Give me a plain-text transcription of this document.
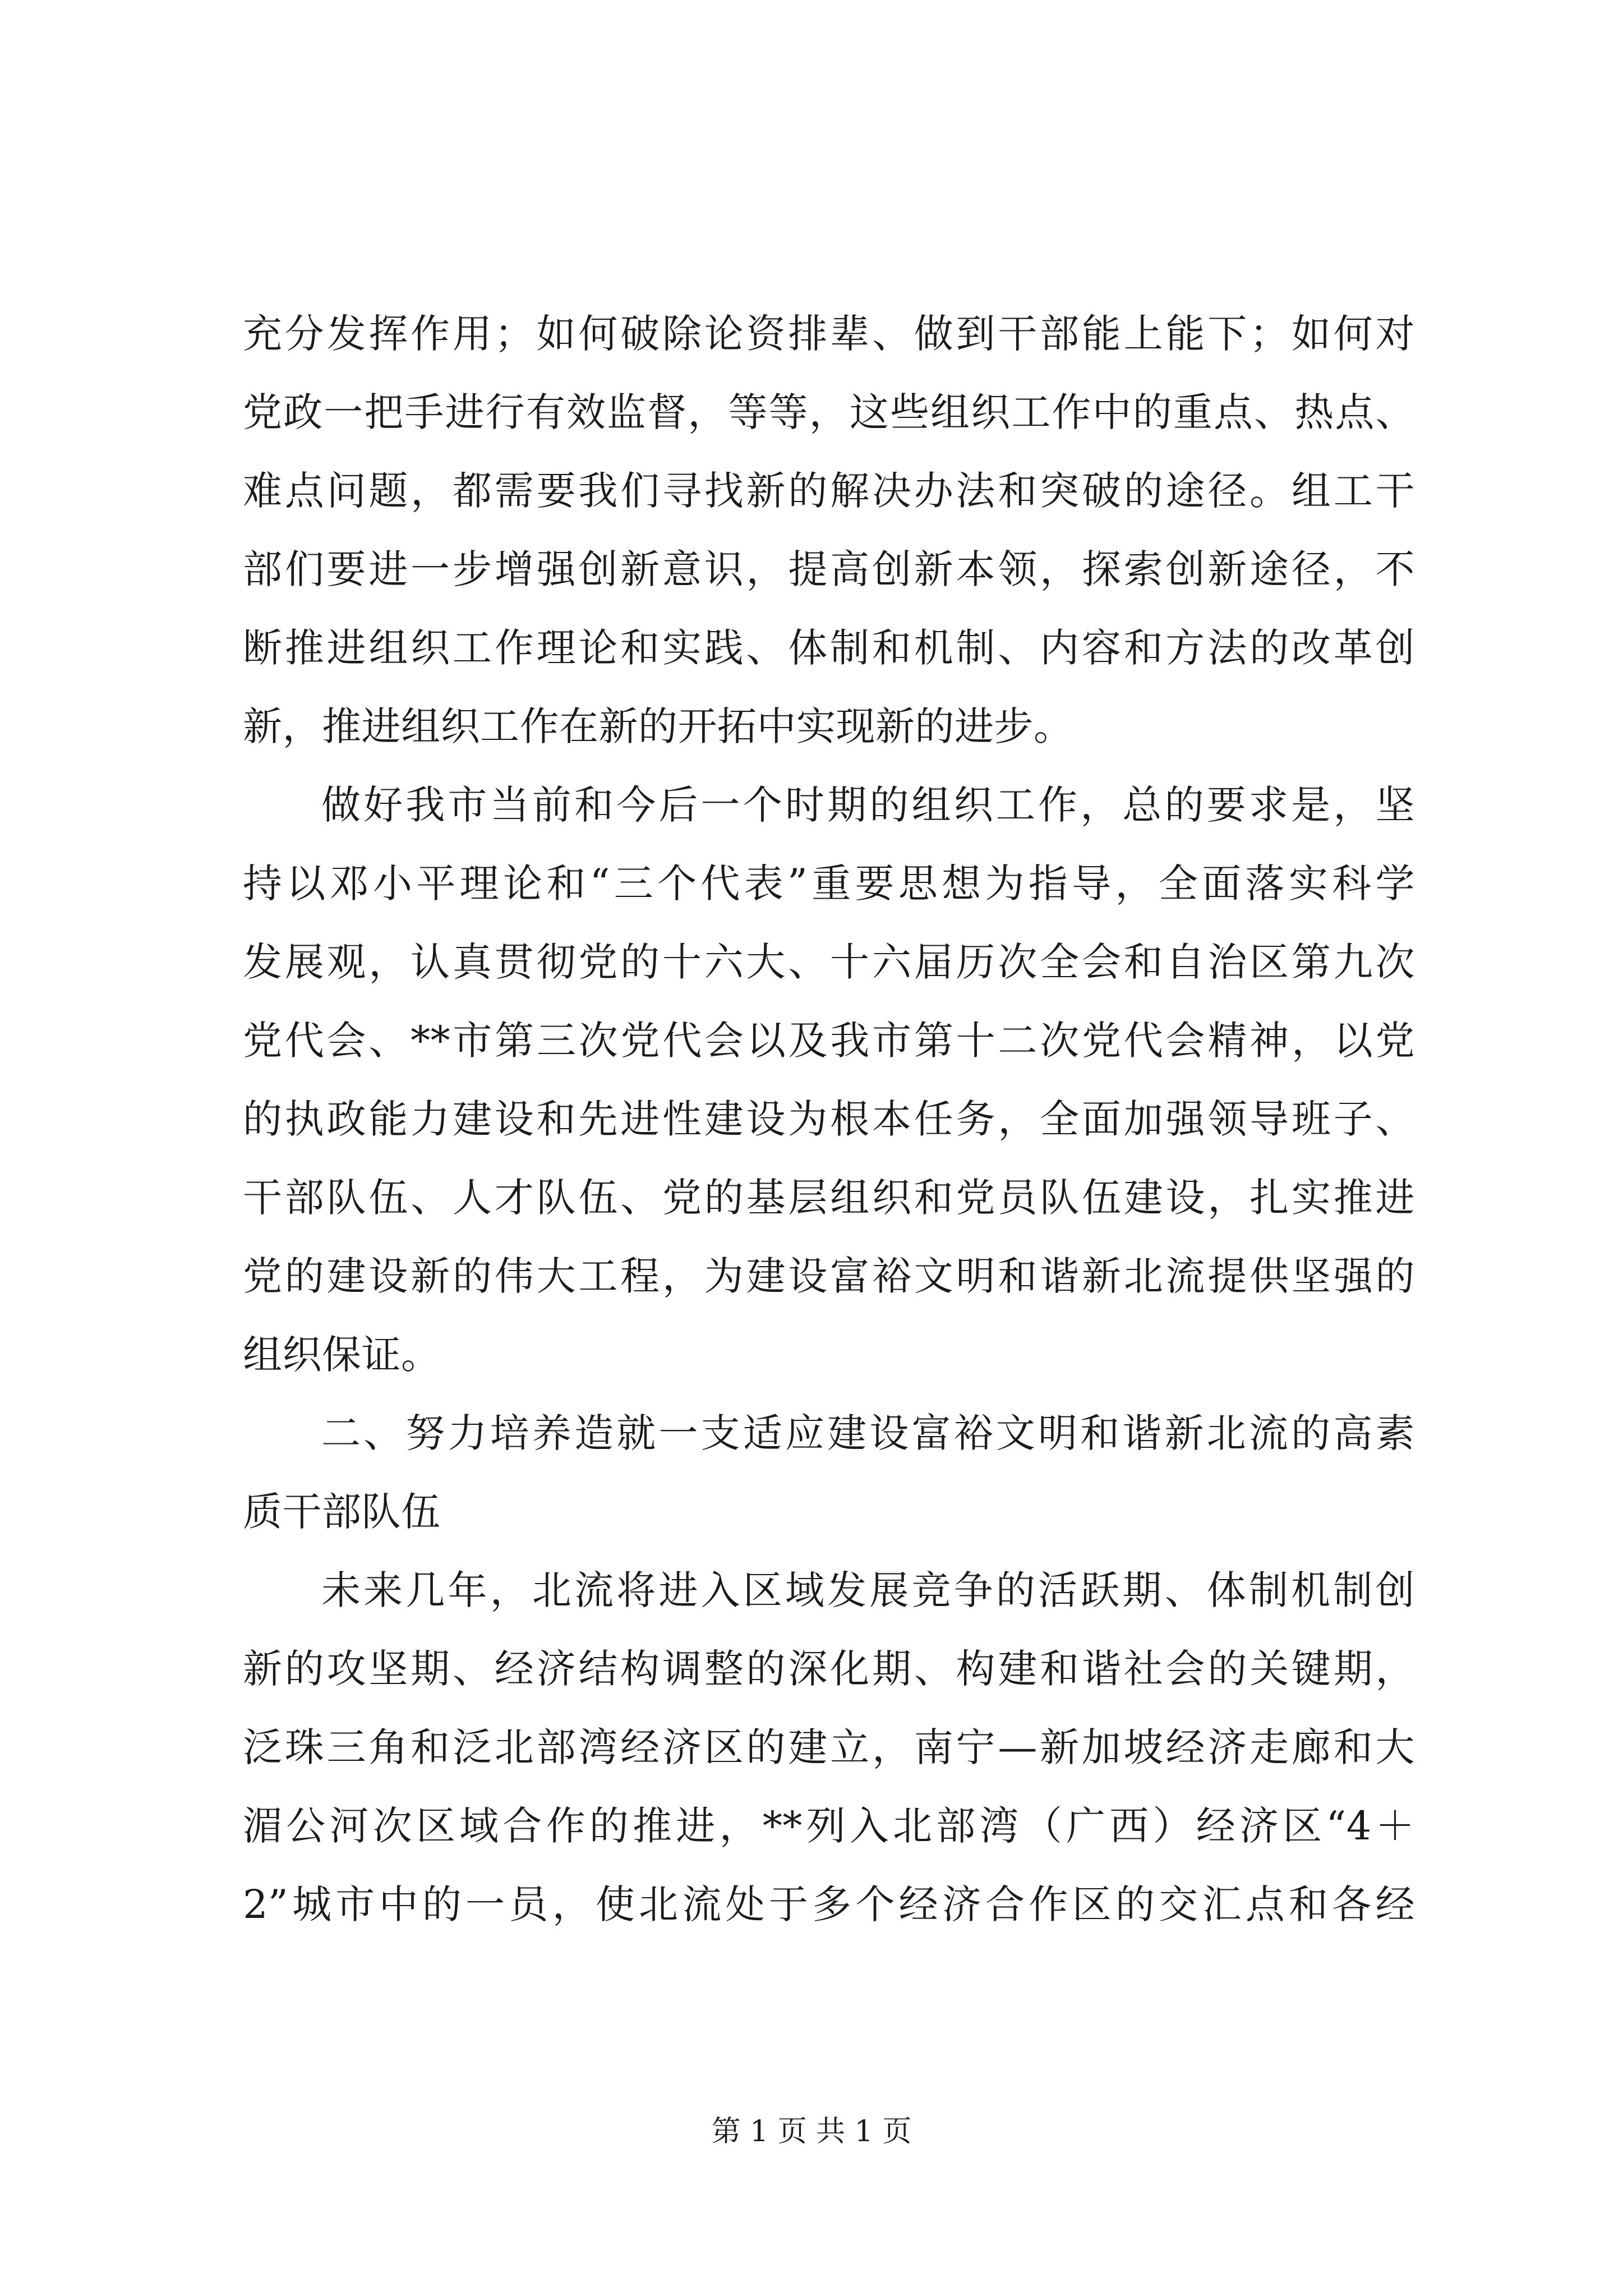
充分发挥作用；如何破除论资排辈、做到干部能上能下；如何对
党政一把手进行有效监督，等等，这些组织工作中的重点、热点、
难点问题，都需要我们寻找新的解决办法和突破的途径。组工干
部们要进一步增强创新意识，提高创新本领，探索创新途径，不
断推进组织工作理论和实践、体制和机制、内容和方法的改革创
新，推进组织工作在新的开拓中实现新的进步。
做好我市当前和今后一个时期的组织工作，总的要求是，坚
持以邓小平理论和“三个代表”重要思想为指导，全面落实科学
发展观，认真贯彻党的十六大、十六届历次全会和自治区第九次
党代会、**市第三次党代会以及我市第十二次党代会精神，以党
的执政能力建设和先进性建设为根本任务，全面加强领导班子、
干部队伍、人才队伍、党的基层组织和党员队伍建设，扎实推进
党的建设新的伟大工程，为建设富裕文明和谐新北流提供坚强的
组织保证。
二、努力培养造就一支适应建设富裕文明和谐新北流的高素
质干部队伍
未来几年，北流将进入区域发展竞争的活跃期、体制机制创
新的攻坚期、经济结构调整的深化期、构建和谐社会的关键期，
泛珠三角和泛北部湾经济区的建立，南宁—新加坡经济走廊和大
湄公河次区域合作的推进，**列入北部湾（广西）经济区“4＋
2”城市中的一员，使北流处于多个经济合作区的交汇点和各经
第 1 页 共 1 页
